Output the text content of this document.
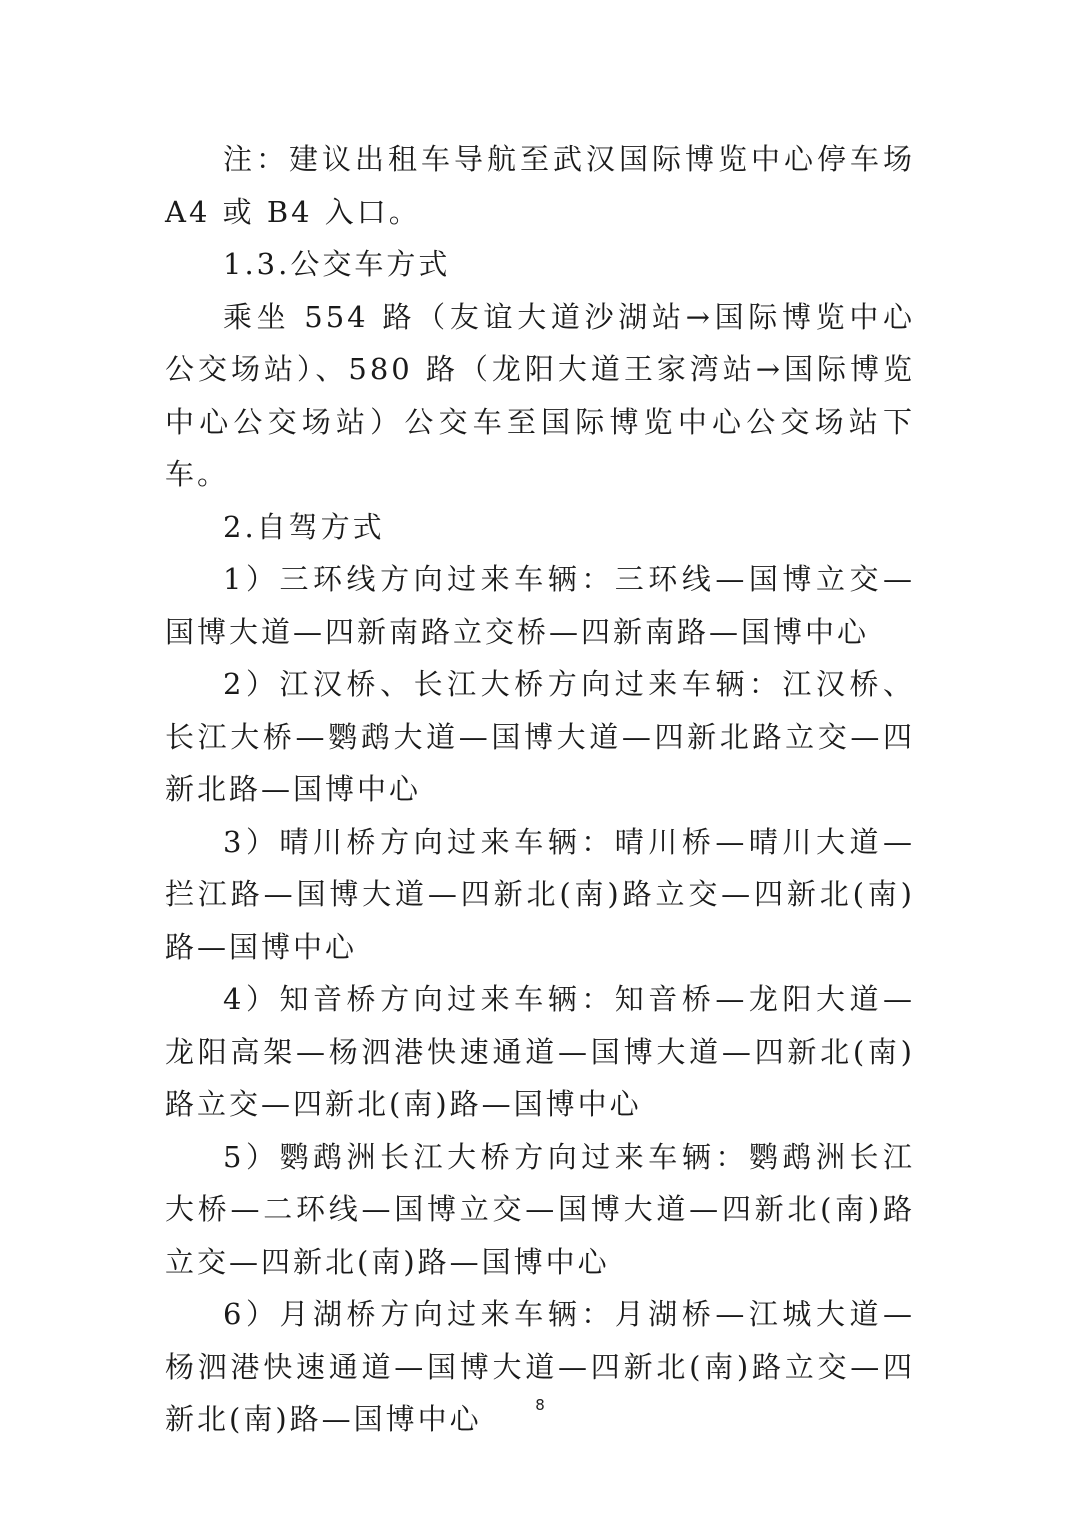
注：建议出租车导航至武汉国际博览中心停车场 A4 或 B4 入口。

1.3.公交车方式

乘坐 554 路（友谊大道沙湖站→国际博览中心公交场站）、580 路（龙阳大道王家湾站→国际博览中心公交场站）公交车至国际博览中心公交场站下车。

2.自驾方式

1）三环线方向过来车辆：三环线—国博立交—国博大道—四新南路立交桥—四新南路—国博中心

2）江汉桥、长江大桥方向过来车辆：江汉桥、长江大桥—鹦鹉大道—国博大道—四新北路立交—四新北路—国博中心

3）晴川桥方向过来车辆：晴川桥—晴川大道—拦江路—国博大道—四新北(南)路立交—四新北(南)路—国博中心

4）知音桥方向过来车辆：知音桥—龙阳大道—龙阳高架—杨泗港快速通道—国博大道—四新北(南)路立交—四新北(南)路—国博中心

5）鹦鹉洲长江大桥方向过来车辆：鹦鹉洲长江大桥—二环线—国博立交—国博大道—四新北(南)路立交—四新北(南)路—国博中心

6）月湖桥方向过来车辆：月湖桥—江城大道—杨泗港快速通道—国博大道—四新北(南)路立交—四新北(南)路—国博中心	8
